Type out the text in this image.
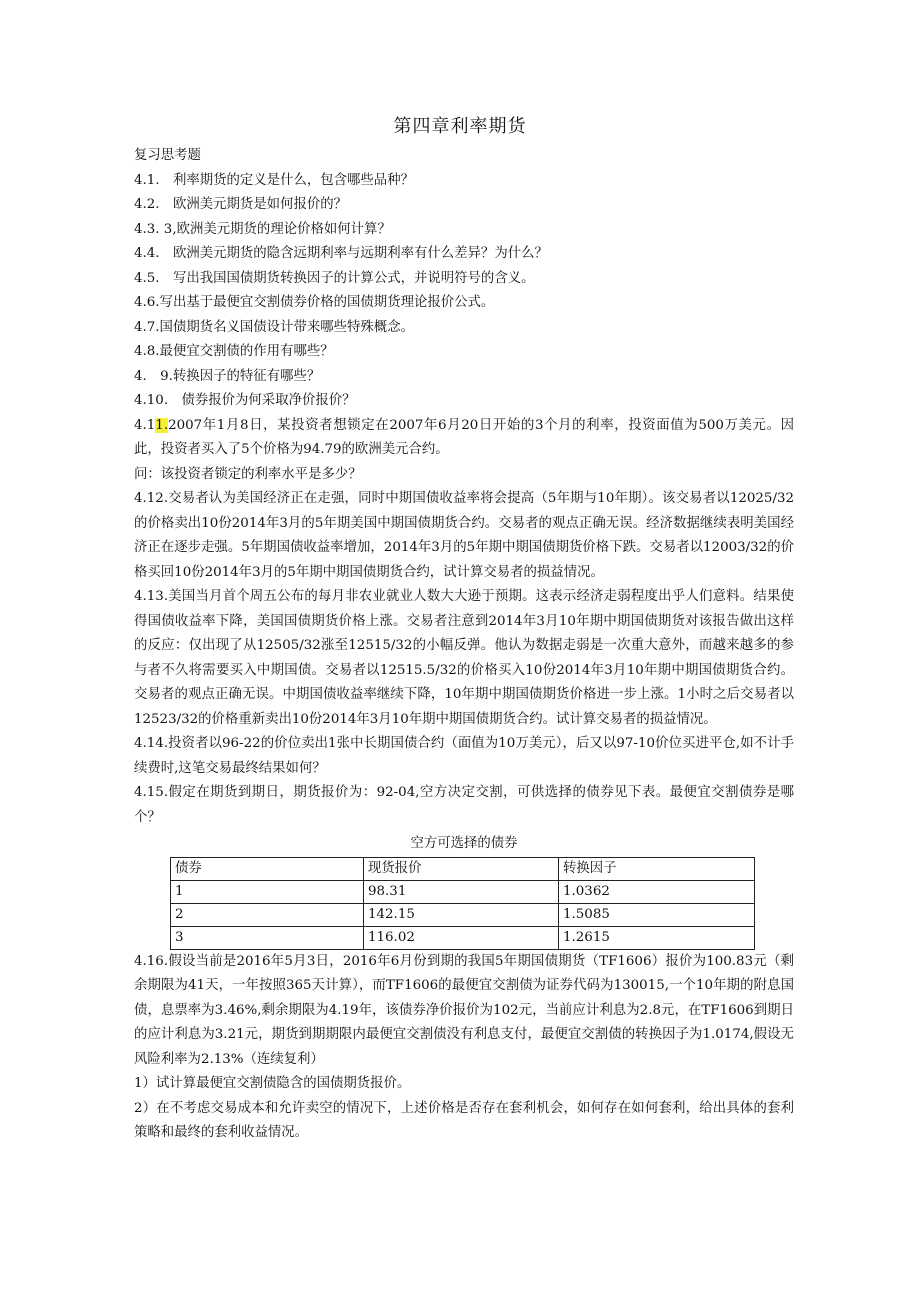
第四章利率期货
复习思考题
4.1.　利率期货的定义是什么，包含哪些品种？
4.2.　欧洲美元期货是如何报价的？
4.3. 3,欧洲美元期货的理论价格如何计算？
4.4.　欧洲美元期货的隐含远期利率与远期利率有什么差异？为什么？
4.5.　写出我国国债期货转换因子的计算公式，并说明符号的含义。
4.6.写出基于最便宜交割债券价格的国债期货理论报价公式。
4.7.国债期货名义国债设计带来哪些特殊概念。
4.8.最便宜交割债的作用有哪些？
4.　9.转换因子的特征有哪些？
4.10.　债券报价为何采取净价报价？
4.11.2007年1月8日，某投资者想锁定在2007年6月20日开始的3个月的利率，投资面值为500万美元。因此，投资者买入了5个价格为94.79的欧洲美元合约。
问：该投资者锁定的利率水平是多少？
4.12.交易者认为美国经济正在走强，同时中期国债收益率将会提高（5年期与10年期）。该交易者以12025/32的价格卖出10份2014年3月的5年期美国中期国债期货合约。交易者的观点正确无误。经济数据继续表明美国经济正在逐步走强。5年期国债收益率增加，2014年3月的5年期中期国债期货价格下跌。交易者以12003/32的价格买回10份2014年3月的5年期中期国债期货合约，试计算交易者的损益情况。
4.13.美国当月首个周五公布的每月非农业就业人数大大逊于预期。这表示经济走弱程度出乎人们意料。结果使得国债收益率下降，美国国债期货价格上涨。交易者注意到2014年3月10年期中期国债期货对该报告做出这样的反应：仅出现了从12505/32涨至12515/32的小幅反弹。他认为数据走弱是一次重大意外，而越来越多的参与者不久将需要买入中期国债。交易者以12515.5/32的价格买入10份2014年3月10年期中期国债期货合约。交易者的观点正确无误。中期国债收益率继续下降，10年期中期国债期货价格进一步上涨。1小时之后交易者以12523/32的价格重新卖出10份2014年3月10年期中期国债期货合约。试计算交易者的损益情况。
4.14.投资者以96-22的价位卖出1张中长期国债合约（面值为10万美元），后又以97-10价位买进平仓,如不计手续费时,这笔交易最终结果如何？
4.15.假定在期货到期日，期货报价为：92-04,空方决定交割，可供选择的债券见下表。最便宜交割债券是哪个？
空方可选择的债券
债券	现货报价	转换因子
1	98.31	1.0362
2	142.15	1.5085
3	116.02	1.2615
4.16.假设当前是2016年5月3日，2016年6月份到期的我国5年期国债期货（TF1606）报价为100.83元（剩余期限为41天，一年按照365天计算），而TF1606的最便宜交割债为证券代码为130015,一个10年期的附息国债，息票率为3.46%,剩余期限为4.19年，该债券净价报价为102元，当前应计利息为2.8元，在TF1606到期日的应计利息为3.21元，期货到期期限内最便宜交割债没有利息支付，最便宜交割债的转换因子为1.0174,假设无风险利率为2.13%（连续复利）
1）试计算最便宜交割债隐含的国债期货报价。
2）在不考虑交易成本和允许卖空的情况下，上述价格是否存在套利机会，如何存在如何套利，给出具体的套利策略和最终的套利收益情况。
